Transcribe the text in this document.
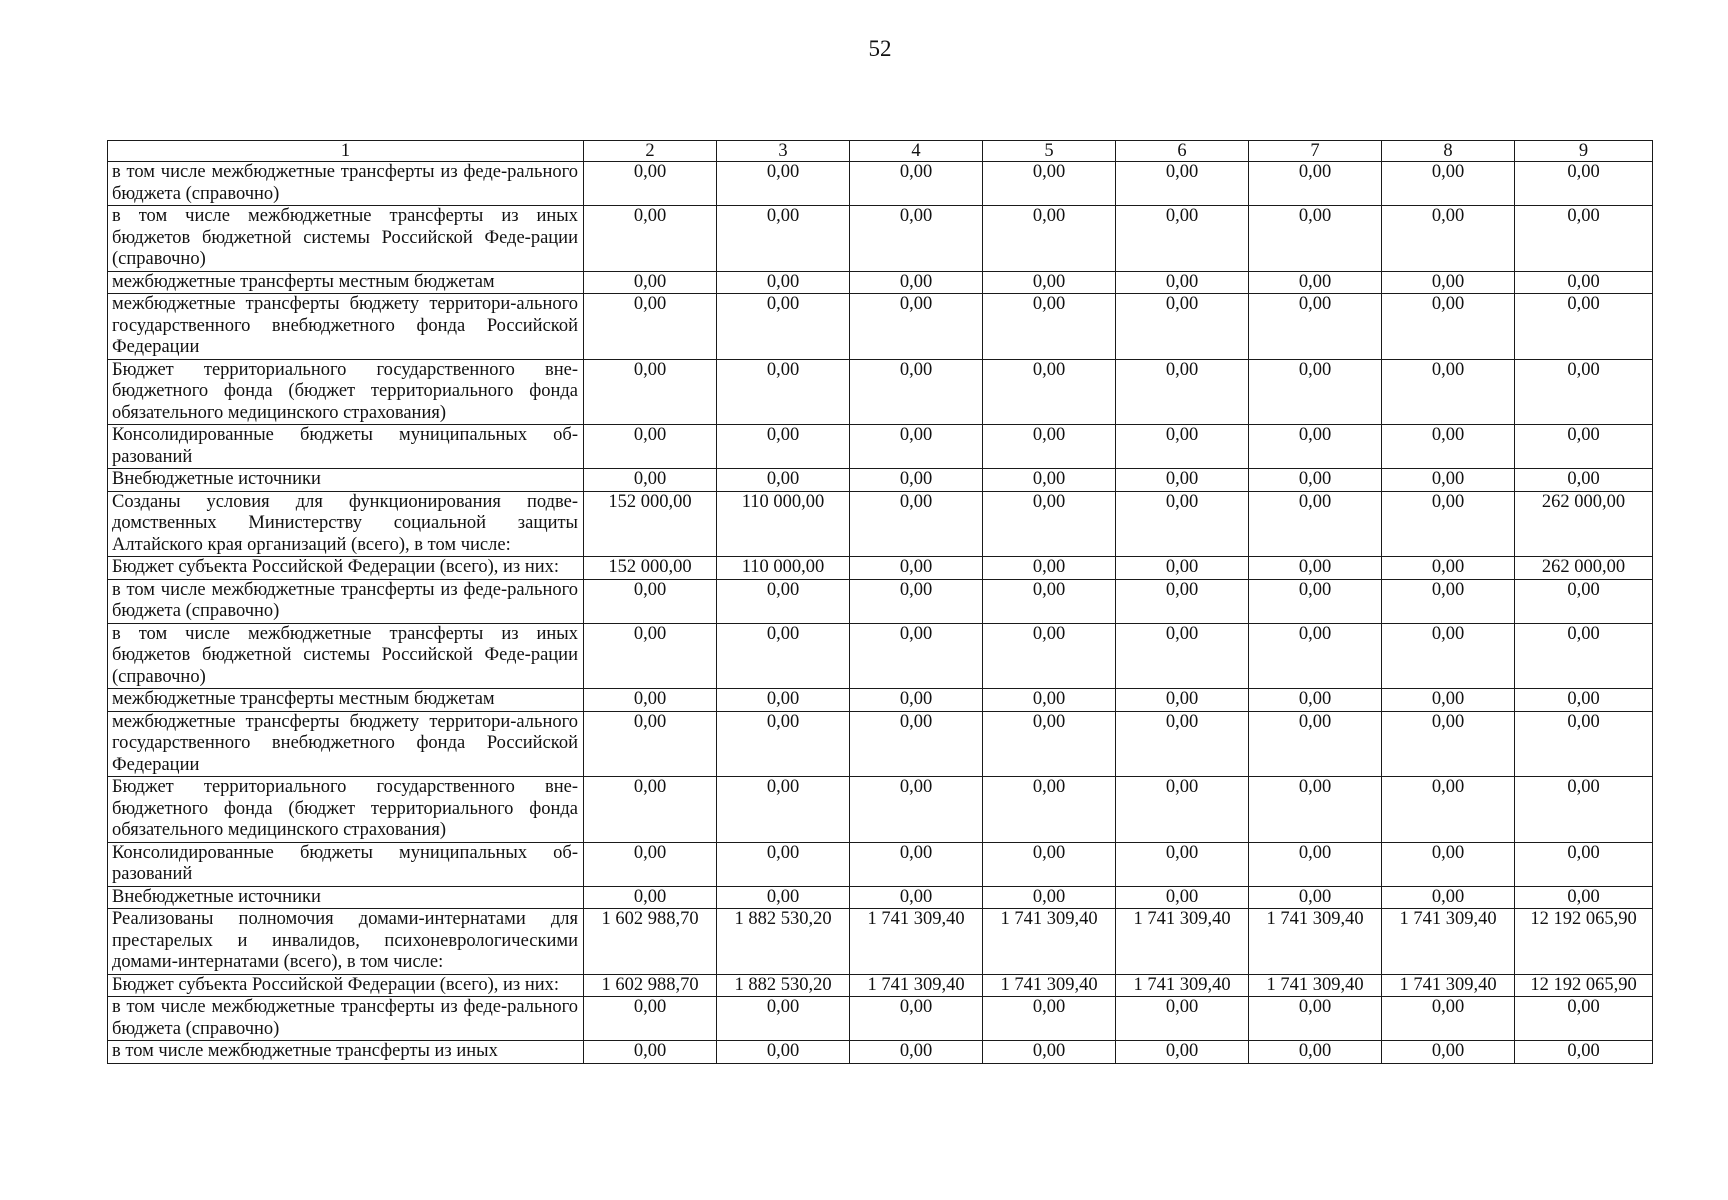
52
1	2	3	4	5	6	7	8	9
в том числе межбюджетные трансферты из феде-рального бюджета (справочно)	0,00	0,00	0,00	0,00	0,00	0,00	0,00	0,00
в том числе межбюджетные трансферты из иных бюджетов бюджетной системы Российской Феде-рации (справочно)	0,00	0,00	0,00	0,00	0,00	0,00	0,00	0,00
межбюджетные трансферты местным бюджетам	0,00	0,00	0,00	0,00	0,00	0,00	0,00	0,00
межбюджетные трансферты бюджету территори-ального государственного внебюджетного фонда Российской Федерации	0,00	0,00	0,00	0,00	0,00	0,00	0,00	0,00
Бюджет территориального государственного вне-бюджетного фонда (бюджет территориального фонда обязательного медицинского страхования)	0,00	0,00	0,00	0,00	0,00	0,00	0,00	0,00
Консолидированные бюджеты муниципальных об-разований	0,00	0,00	0,00	0,00	0,00	0,00	0,00	0,00
Внебюджетные источники	0,00	0,00	0,00	0,00	0,00	0,00	0,00	0,00
Созданы условия для функционирования подве-домственных Министерству социальной защиты Алтайского края организаций (всего), в том числе:	152 000,00	110 000,00	0,00	0,00	0,00	0,00	0,00	262 000,00
Бюджет субъекта Российской Федерации (всего), из них:	152 000,00	110 000,00	0,00	0,00	0,00	0,00	0,00	262 000,00
в том числе межбюджетные трансферты из феде-рального бюджета (справочно)	0,00	0,00	0,00	0,00	0,00	0,00	0,00	0,00
в том числе межбюджетные трансферты из иных бюджетов бюджетной системы Российской Феде-рации (справочно)	0,00	0,00	0,00	0,00	0,00	0,00	0,00	0,00
межбюджетные трансферты местным бюджетам	0,00	0,00	0,00	0,00	0,00	0,00	0,00	0,00
межбюджетные трансферты бюджету территори-ального государственного внебюджетного фонда Российской Федерации	0,00	0,00	0,00	0,00	0,00	0,00	0,00	0,00
Бюджет территориального государственного вне-бюджетного фонда (бюджет территориального фонда обязательного медицинского страхования)	0,00	0,00	0,00	0,00	0,00	0,00	0,00	0,00
Консолидированные бюджеты муниципальных об-разований	0,00	0,00	0,00	0,00	0,00	0,00	0,00	0,00
Внебюджетные источники	0,00	0,00	0,00	0,00	0,00	0,00	0,00	0,00
Реализованы полномочия домами-интернатами для престарелых и инвалидов, психоневрологическими домами-интернатами (всего), в том числе:	1 602 988,70	1 882 530,20	1 741 309,40	1 741 309,40	1 741 309,40	1 741 309,40	1 741 309,40	12 192 065,90
Бюджет субъекта Российской Федерации (всего), из них:	1 602 988,70	1 882 530,20	1 741 309,40	1 741 309,40	1 741 309,40	1 741 309,40	1 741 309,40	12 192 065,90
в том числе межбюджетные трансферты из феде-рального бюджета (справочно)	0,00	0,00	0,00	0,00	0,00	0,00	0,00	0,00
в том числе межбюджетные трансферты из иных	0,00	0,00	0,00	0,00	0,00	0,00	0,00	0,00
